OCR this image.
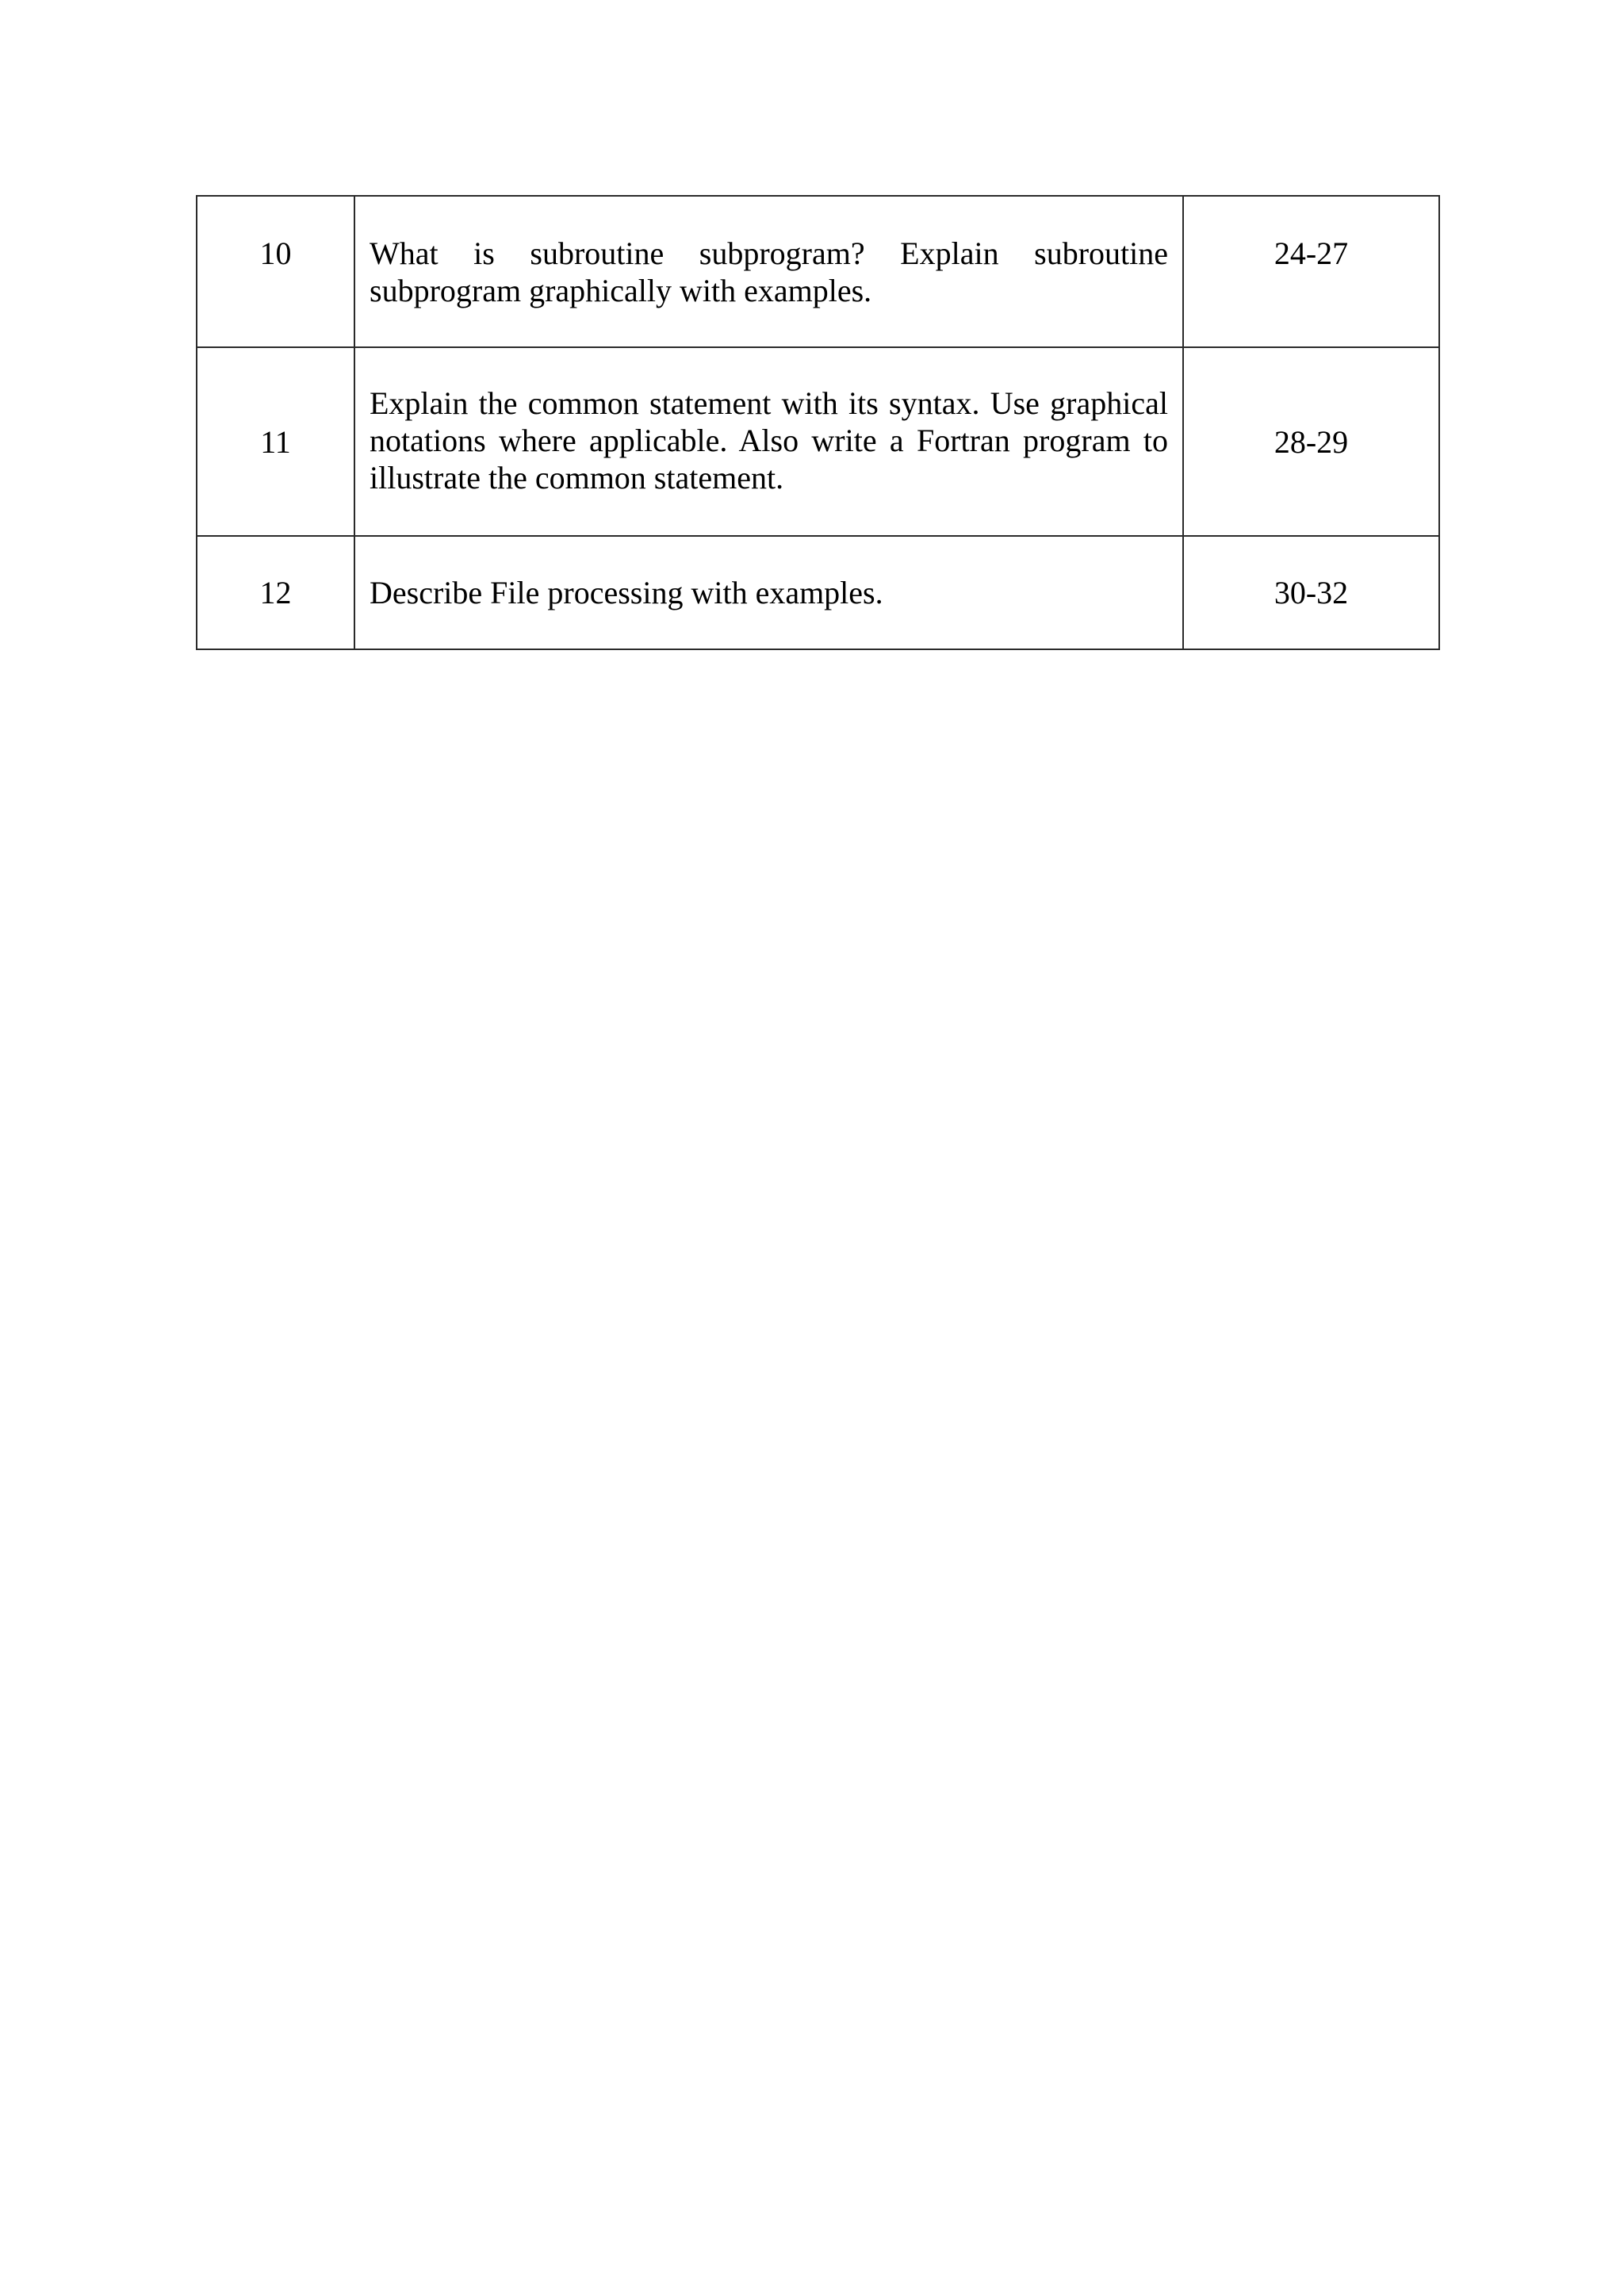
10	What is subroutine subprogram? Explain subroutine subprogram graphically with examples.	24-27
11	Explain the common statement with its syntax. Use graphical notations where applicable. Also write a Fortran program to illustrate the common statement.	28-29
12	Describe File processing with examples.	30-32
